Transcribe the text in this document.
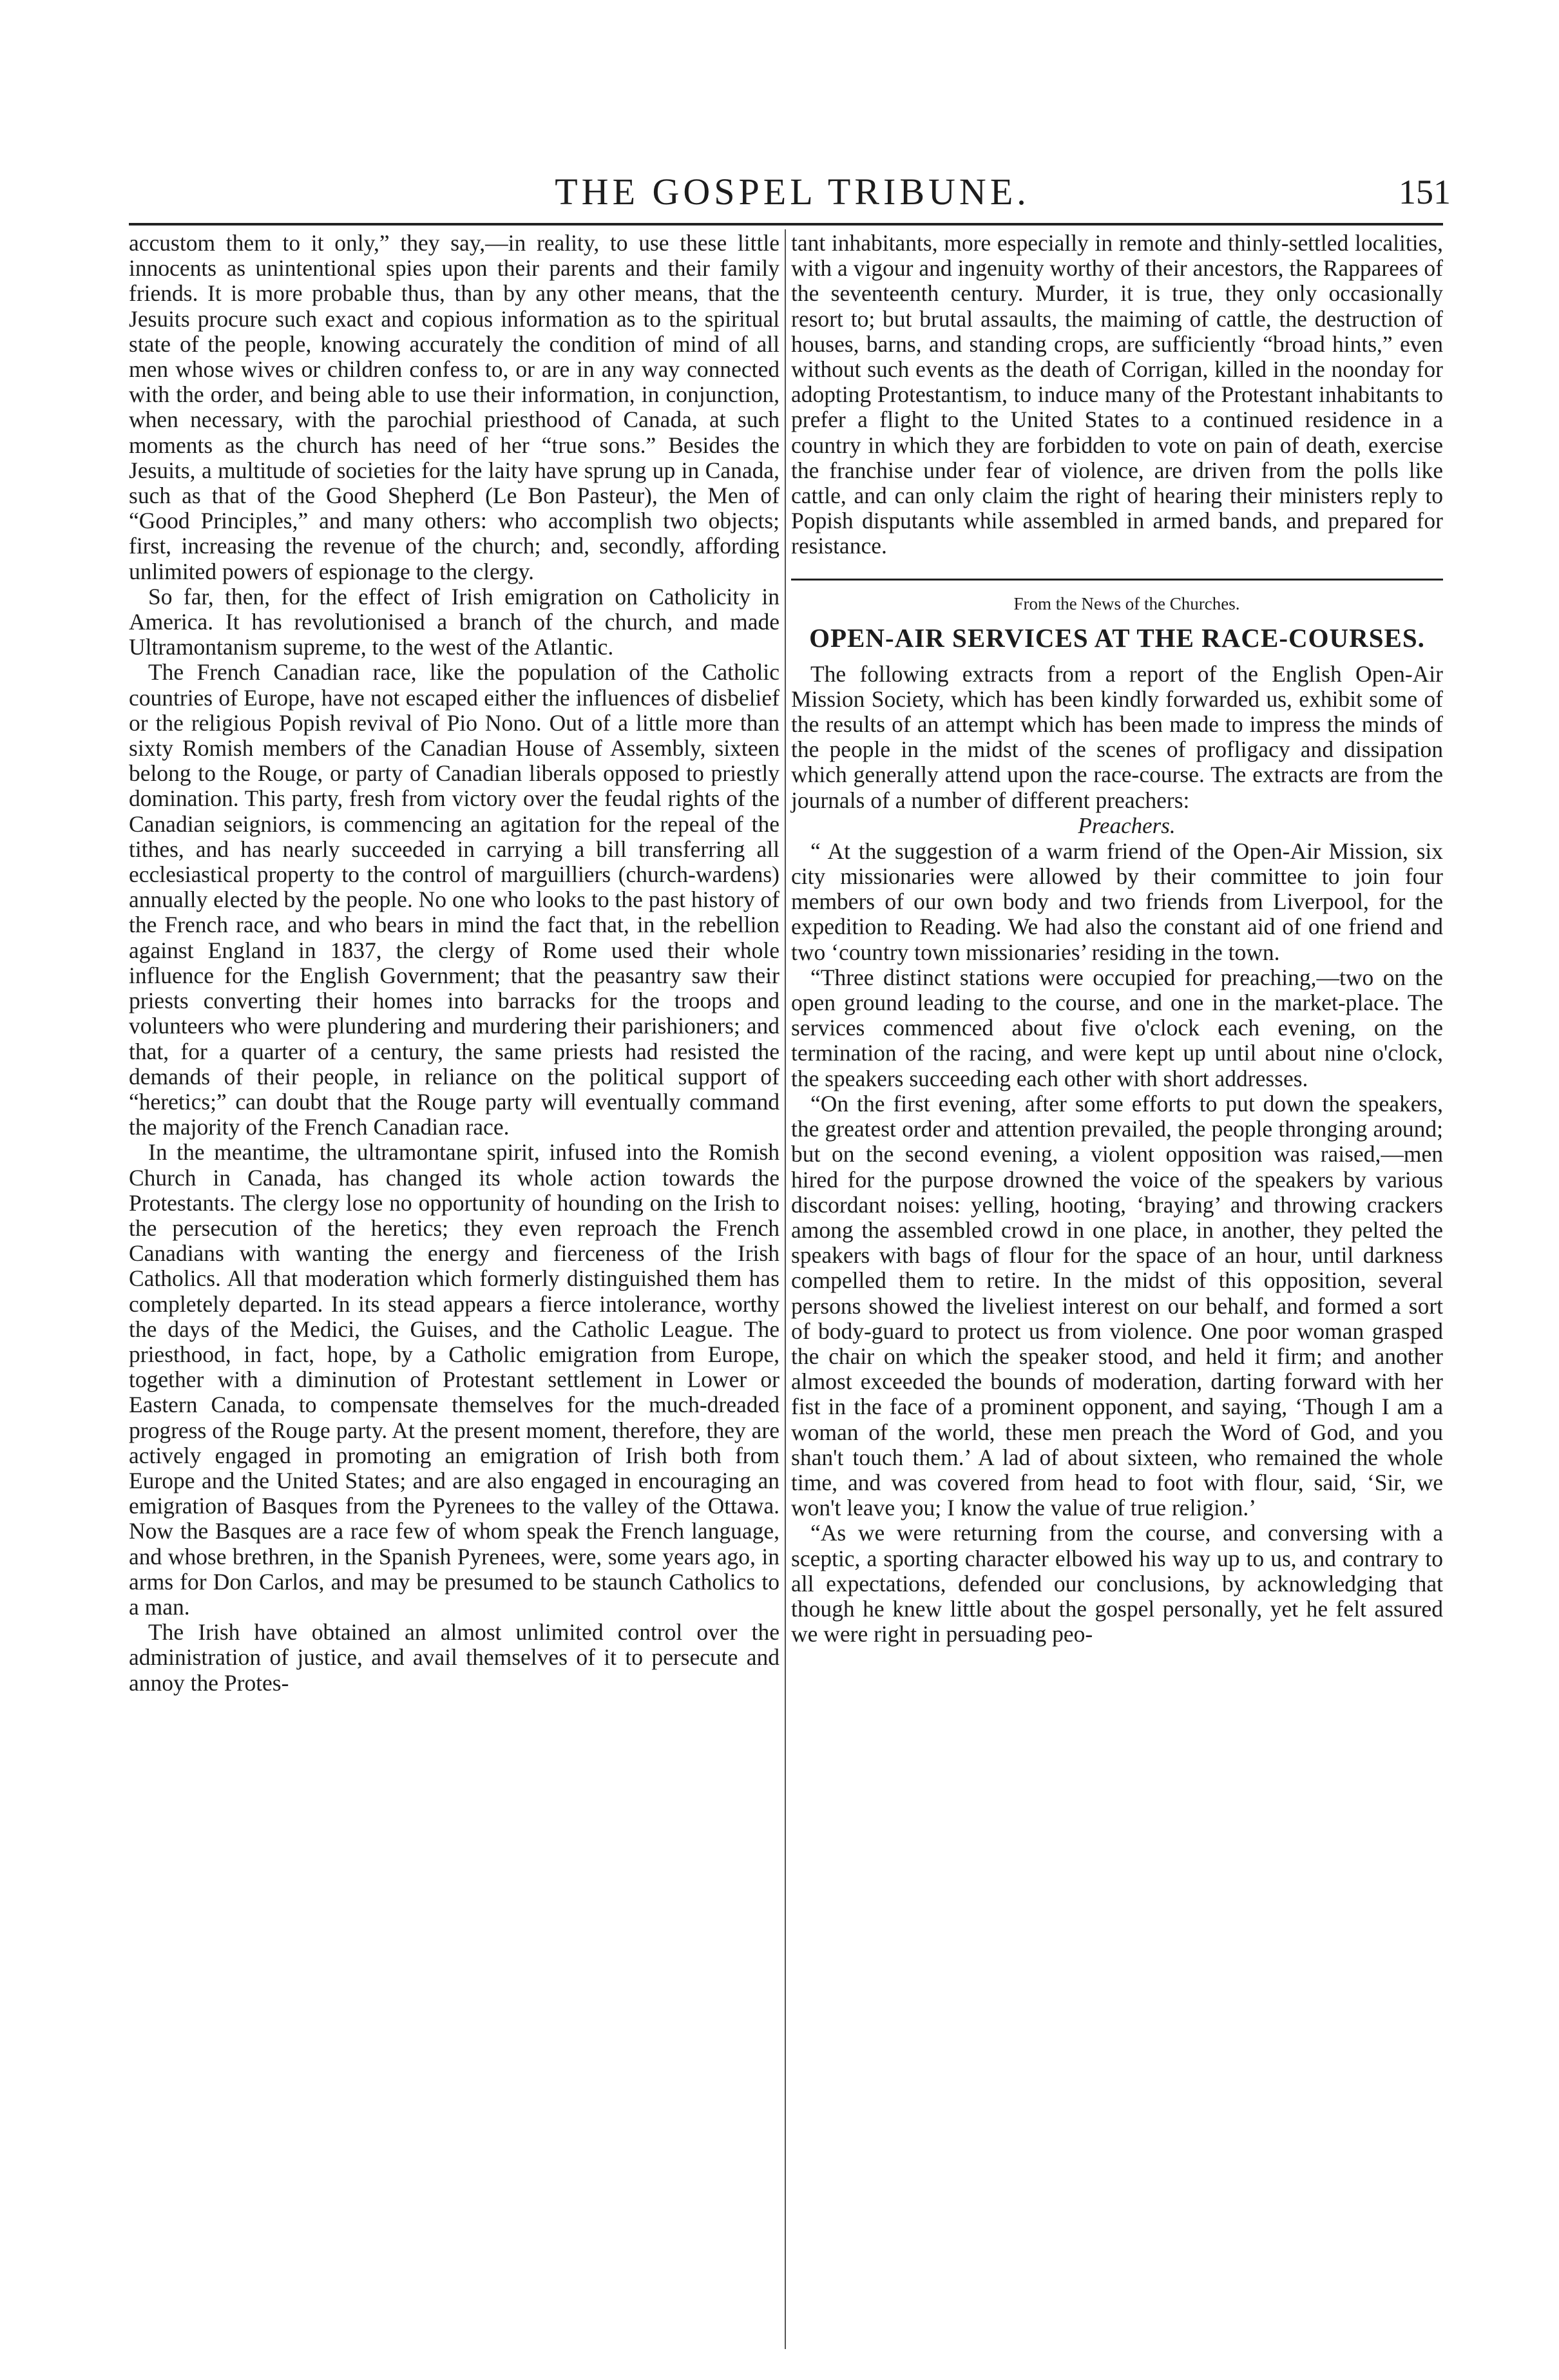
THE GOSPEL TRIBUNE.	151

accustom them to it only,” they say,—in reality, to use these little innocents as unintentional spies upon their parents and their family friends. It is more probable thus, than by any other means, that the Jesuits procure such exact and copious information as to the spiritual state of the people, knowing accurately the condition of mind of all men whose wives or children confess to, or are in any way connected with the order, and being able to use their information, in conjunction, when necessary, with the parochial priesthood of Canada, at such moments as the church has need of her “true sons.” Besides the Jesuits, a multitude of societies for the laity have sprung up in Canada, such as that of the Good Shepherd (Le Bon Pasteur), the Men of “Good Principles,” and many others: who accomplish two objects; first, increasing the revenue of the church; and, secondly, affording unlimited powers of espionage to the clergy.

So far, then, for the effect of Irish emigration on Catholicity in America. It has revolutionised a branch of the church, and made Ultramontanism supreme, to the west of the Atlantic.

The French Canadian race, like the population of the Catholic countries of Europe, have not escaped either the influences of disbelief or the religious Popish revival of Pio Nono. Out of a little more than sixty Romish members of the Canadian House of Assembly, sixteen belong to the Rouge, or party of Canadian liberals opposed to priestly domination. This party, fresh from victory over the feudal rights of the Canadian seigniors, is commencing an agitation for the repeal of the tithes, and has nearly succeeded in carrying a bill transferring all ecclesiastical property to the control of marguilliers (church-wardens) annually elected by the people. No one who looks to the past history of the French race, and who bears in mind the fact that, in the rebellion against England in 1837, the clergy of Rome used their whole influence for the English Government; that the peasantry saw their priests converting their homes into barracks for the troops and volunteers who were plundering and murdering their parishioners; and that, for a quarter of a century, the same priests had resisted the demands of their people, in reliance on the political support of “heretics;” can doubt that the Rouge party will eventually command the majority of the French Canadian race.

In the meantime, the ultramontane spirit, infused into the Romish Church in Canada, has changed its whole action towards the Protestants. The clergy lose no opportunity of hounding on the Irish to the persecution of the heretics; they even reproach the French Canadians with wanting the energy and fierceness of the Irish Catholics. All that moderation which formerly distinguished them has completely departed. In its stead appears a fierce intolerance, worthy the days of the Medici, the Guises, and the Catholic League. The priesthood, in fact, hope, by a Catholic emigration from Europe, together with a diminution of Protestant settlement in Lower or Eastern Canada, to compensate themselves for the much-dreaded progress of the Rouge party. At the present moment, therefore, they are actively engaged in promoting an emigration of Irish both from Europe and the United States; and are also engaged in encouraging an emigration of Basques from the Pyrenees to the valley of the Ottawa. Now the Basques are a race few of whom speak the French language, and whose brethren, in the Spanish Pyrenees, were, some years ago, in arms for Don Carlos, and may be presumed to be staunch Catholics to a man.

The Irish have obtained an almost unlimited control over the administration of justice, and avail themselves of it to persecute and annoy the Protes-

tant inhabitants, more especially in remote and thinly-settled localities, with a vigour and ingenuity worthy of their ancestors, the Rapparees of the seventeenth century. Murder, it is true, they only occasionally resort to; but brutal assaults, the maiming of cattle, the destruction of houses, barns, and standing crops, are sufficiently “broad hints,” even without such events as the death of Corrigan, killed in the noonday for adopting Protestantism, to induce many of the Protestant inhabitants to prefer a flight to the United States to a continued residence in a country in which they are forbidden to vote on pain of death, exercise the franchise under fear of violence, are driven from the polls like cattle, and can only claim the right of hearing their ministers reply to Popish disputants while assembled in armed bands, and prepared for resistance.

From the News of the Churches.

OPEN-AIR SERVICES AT THE RACE-COURSES.

The following extracts from a report of the English Open-Air Mission Society, which has been kindly forwarded us, exhibit some of the results of an attempt which has been made to impress the minds of the people in the midst of the scenes of profligacy and dissipation which generally attend upon the race-course. The extracts are from the journals of a number of different preachers:

Preachers.

“ At the suggestion of a warm friend of the Open-Air Mission, six city missionaries were allowed by their committee to join four members of our own body and two friends from Liverpool, for the expedition to Reading. We had also the constant aid of one friend and two ‘country town missionaries’ residing in the town.

“Three distinct stations were occupied for preaching,—two on the open ground leading to the course, and one in the market-place. The services commenced about five o'clock each evening, on the termination of the racing, and were kept up until about nine o'clock, the speakers succeeding each other with short addresses.

“On the first evening, after some efforts to put down the speakers, the greatest order and attention prevailed, the people thronging around; but on the second evening, a violent opposition was raised,—men hired for the purpose drowned the voice of the speakers by various discordant noises: yelling, hooting, ‘braying’ and throwing crackers among the assembled crowd in one place, in another, they pelted the speakers with bags of flour for the space of an hour, until darkness compelled them to retire. In the midst of this opposition, several persons showed the liveliest interest on our behalf, and formed a sort of body-guard to protect us from violence. One poor woman grasped the chair on which the speaker stood, and held it firm; and another almost exceeded the bounds of moderation, darting forward with her fist in the face of a prominent opponent, and saying, ‘Though I am a woman of the world, these men preach the Word of God, and you shan't touch them.’ A lad of about sixteen, who remained the whole time, and was covered from head to foot with flour, said, ‘Sir, we won't leave you; I know the value of true religion.’

“As we were returning from the course, and conversing with a sceptic, a sporting character elbowed his way up to us, and contrary to all expectations, defended our conclusions, by acknowledging that though he knew little about the gospel personally, yet he felt assured we were right in persuading peo-
